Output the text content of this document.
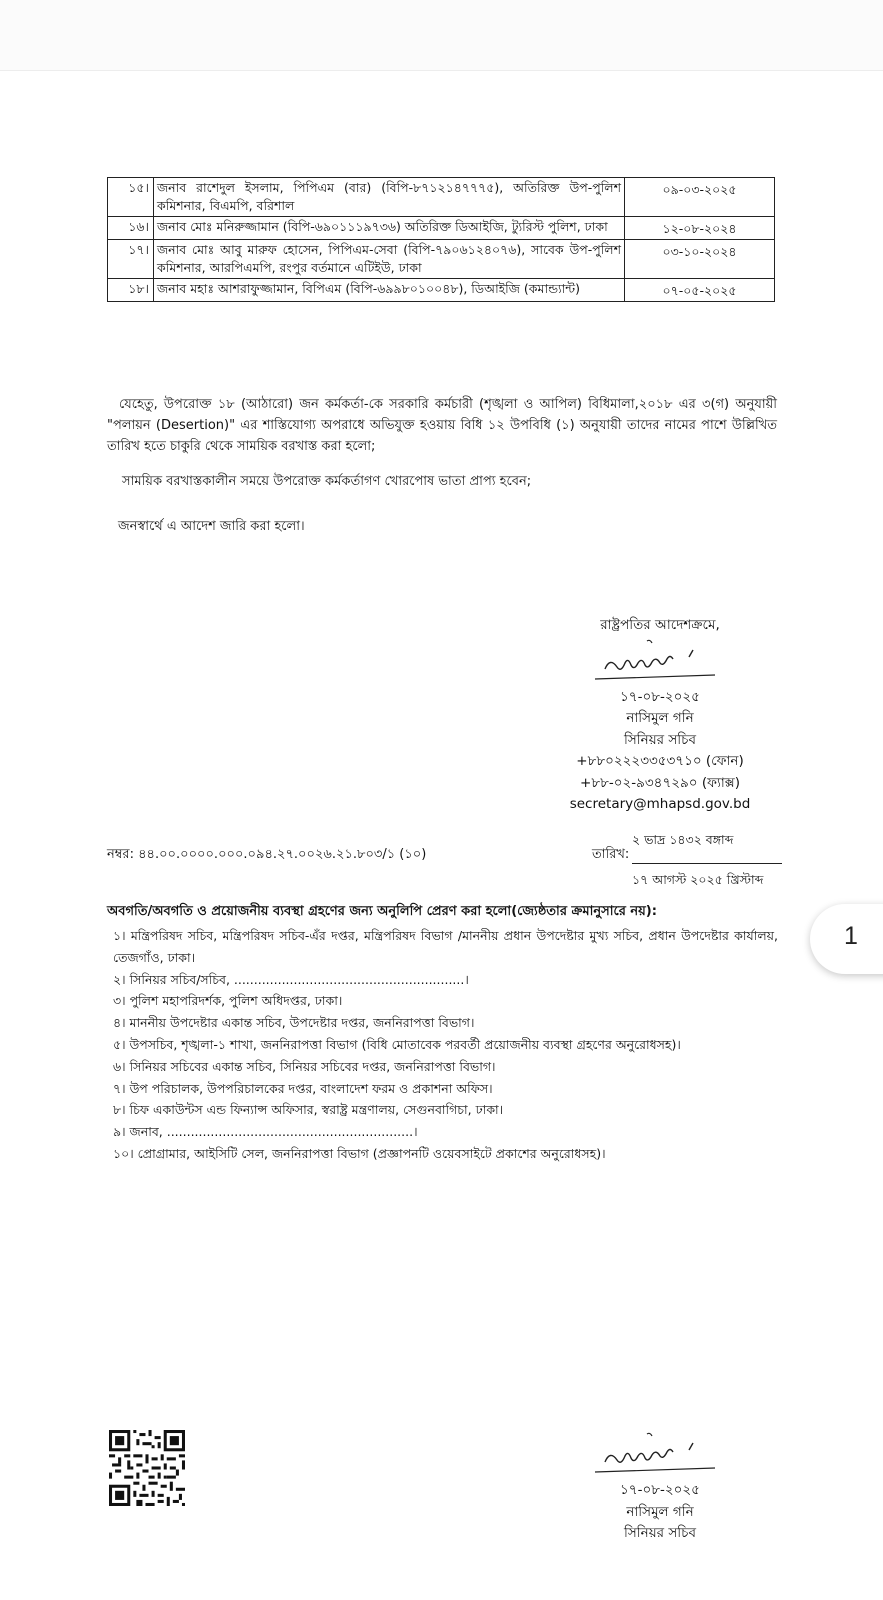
১৫।	জনাব রাশেদুল ইসলাম, পিপিএম (বার) (বিপি-৮৭১২১৪৭৭৭৫), অতিরিক্ত উপ-পুলিশ কমিশনার, বিএমপি, বরিশাল	০৯-০৩-২০২৫
১৬।	জনাব মোঃ মনিরুজ্জামান (বিপি-৬৯০১১১৯৭৩৬) অতিরিক্ত ডিআইজি, ট্যুরিস্ট পুলিশ, ঢাকা	১২-০৮-২০২৪
১৭।	জনাব মোঃ আবু মারুফ হোসেন, পিপিএম-সেবা (বিপি-৭৯০৬১২৪০৭৬), সাবেক উপ-পুলিশ কমিশনার, আরপিএমপি, রংপুর বর্তমানে এটিইউ, ঢাকা	০৩-১০-২০২৪
১৮।	জনাব মহাঃ আশরাফুজ্জামান, বিপিএম (বিপি-৬৯৯৮০১০০৪৮), ডিআইজি (কমান্ড্যান্ট)	০৭-০৫-২০২৫

যেহেতু, উপরোক্ত ১৮ (আঠারো) জন কর্মকর্তা-কে সরকারি কর্মচারী (শৃঙ্খলা ও আপিল) বিধিমালা,২০১৮ এর ৩(গ) অনুযায়ী "পলায়ন (Desertion)" এর শাস্তিযোগ্য অপরাধে অভিযুক্ত হওয়ায় বিধি ১২ উপবিধি (১) অনুযায়ী তাদের নামের পাশে উল্লিখিত তারিখ হতে চাকুরি থেকে সাময়িক বরখাস্ত করা হলো;

সাময়িক বরখাস্তকালীন সময়ে উপরোক্ত কর্মকর্তাগণ খোরপোষ ভাতা প্রাপ্য হবেন;

জনস্বার্থে এ আদেশ জারি করা হলো।

রাষ্ট্রপতির আদেশক্রমে,
১৭-০৮-২০২৫
নাসিমুল গনি
সিনিয়র সচিব
+৮৮০২২২৩৩৫৩৭১০ (ফোন)
+৮৮-০২-৯৩৪৭২৯০ (ফ্যাক্স)
secretary@mhapsd.gov.bd
নম্বর: ৪৪.০০.০০০০.০০০.০৯৪.২৭.০০২৬.২১.৮০৩/১ (১০)	তারিখ:
২ ভাদ্র ১৪৩২ বঙ্গাব্দ
১৭ আগস্ট ২০২৫ খ্রিস্টাব্দ
অবগতি/অবগতি ও প্রয়োজনীয় ব্যবস্থা গ্রহণের জন্য অনুলিপি প্রেরণ করা হলো(জ্যেষ্ঠতার ক্রমানুসারে নয়):
১। মন্ত্রিপরিষদ সচিব, মন্ত্রিপরিষদ সচিব-এঁর দপ্তর, মন্ত্রিপরিষদ বিভাগ /মাননীয় প্রধান উপদেষ্টার মুখ্য সচিব, প্রধান উপদেষ্টার কার্যালয়, তেজগাঁও, ঢাকা।
২। সিনিয়র সচিব/সচিব, ..........................................................।
৩। পুলিশ মহাপরিদর্শক, পুলিশ অধিদপ্তর, ঢাকা।
৪। মাননীয় উপদেষ্টার একান্ত সচিব, উপদেষ্টার দপ্তর, জননিরাপত্তা বিভাগ।
৫। উপসচিব, শৃঙ্খলা-১ শাখা, জননিরাপত্তা বিভাগ (বিধি মোতাবেক পরবর্তী প্রয়োজনীয় ব্যবস্থা গ্রহণের অনুরোধসহ)।
৬। সিনিয়র সচিবের একান্ত সচিব, সিনিয়র সচিবের দপ্তর, জননিরাপত্তা বিভাগ।
৭। উপ পরিচালক, উপপরিচালকের দপ্তর, বাংলাদেশ ফরম ও প্রকাশনা অফিস।
৮। চিফ একাউন্টস এন্ড ফিন্যান্স অফিসার, স্বরাষ্ট্র মন্ত্রণালয়, সেগুনবাগিচা, ঢাকা।
৯। জনাব, ..............................................................।
১০। প্রোগ্রামার, আইসিটি সেল, জননিরাপত্তা বিভাগ (প্রজ্ঞাপনটি ওয়েবসাইটে প্রকাশের অনুরোধসহ)।
১৭-০৮-২০২৫
নাসিমুল গনি
সিনিয়র সচিব
1
